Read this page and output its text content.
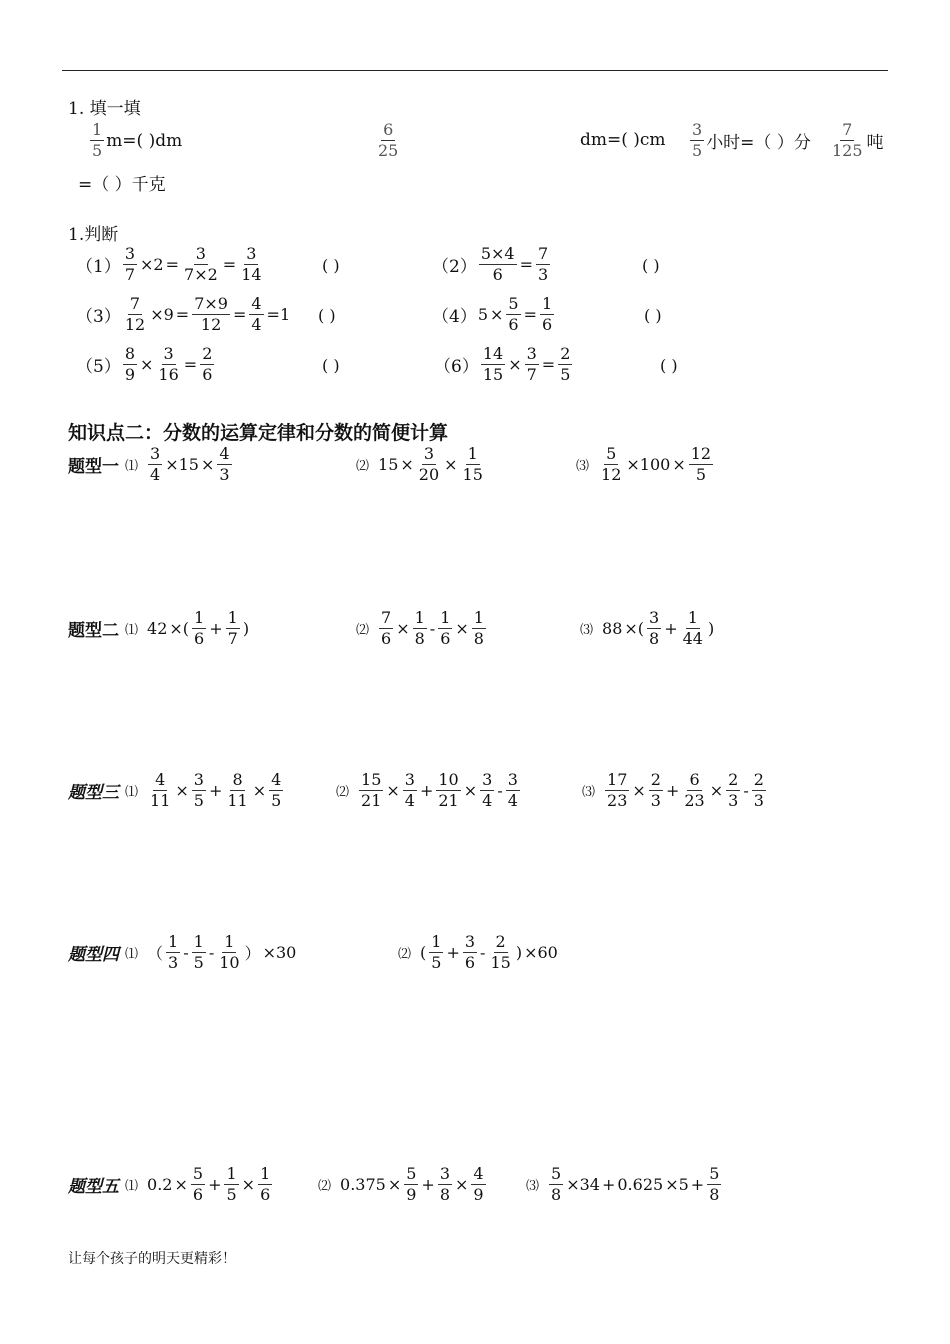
1. 填一填
$\frac{1}{5} m=$( )dm	$\frac{6}{25}$	dm=( )$cm \frac{3}{5}$ 小时=（ ）分 $\frac{7}{125}$ 吨
=（ ）千克
1.判断
$(1) \frac{3}{7} \times 2 = \frac{3}{7\times 2} = \frac{3}{14}$	( )	$(2) \frac{5\times 4}{6} = \frac{7}{3}$	( )
$(3) \frac{7}{12} \times 9 = \frac{7\times 9}{12} = \frac{4}{4} =1$ ( )	（4） $5 \times \frac{5}{6} = \frac{1}{6}$	( )
$(5) \frac{8}{9} \times \frac{3}{16} = \frac{2}{6}$	( )	$(6) \frac{14}{15} \times \frac{3}{7} = \frac{2}{5}$	( )
知识点二：分数的运算定律和分数的简便计算
题型一 ⑴ $\frac{3}{4} \times 15 \times \frac{4}{3}$	⑵ $15 \times \frac{3}{20} \times \frac{1}{15}$	⑶ $\frac{5}{12} \times 100 \times \frac{12}{5}$
题型二 ⑴ 42 ×( $\frac{1}{6} + \frac{1}{7}$ )	⑵ $\frac{7}{6} \times \frac{1}{8} - \frac{1}{6} \times \frac{1}{8}$	⑶ 88 ×( $\frac{3}{8} + \frac{1}{44}$ )
题型三 ⑴ $\frac{4}{11} \times \frac{3}{5} + \frac{8}{11} \times \frac{4}{5}$	⑵ $\frac{15}{21} \times \frac{3}{4} + \frac{10}{21} \times \frac{3}{4} - \frac{3}{4}$	⑶ $\frac{17}{23} \times \frac{2}{3} + \frac{6}{23} \times \frac{2}{3} - \frac{2}{3}$
题型四 ⑴ （ $\frac{1}{3} - \frac{1}{5} - \frac{1}{10}$ ） ×30	⑵ ( $\frac{1}{5} + \frac{3}{6} - \frac{2}{15}$ ) ×60
题型五 ⑴ $0.2 \times \frac{5}{6} + \frac{1}{5} \times \frac{1}{6}$	⑵ $0.375 \times \frac{5}{9} + \frac{3}{8} \times \frac{4}{9}$	⑶ $\frac{5}{8} \times 34 + 0.625 \times 5 + \frac{5}{8}$
让每个孩子的明天更精彩！
